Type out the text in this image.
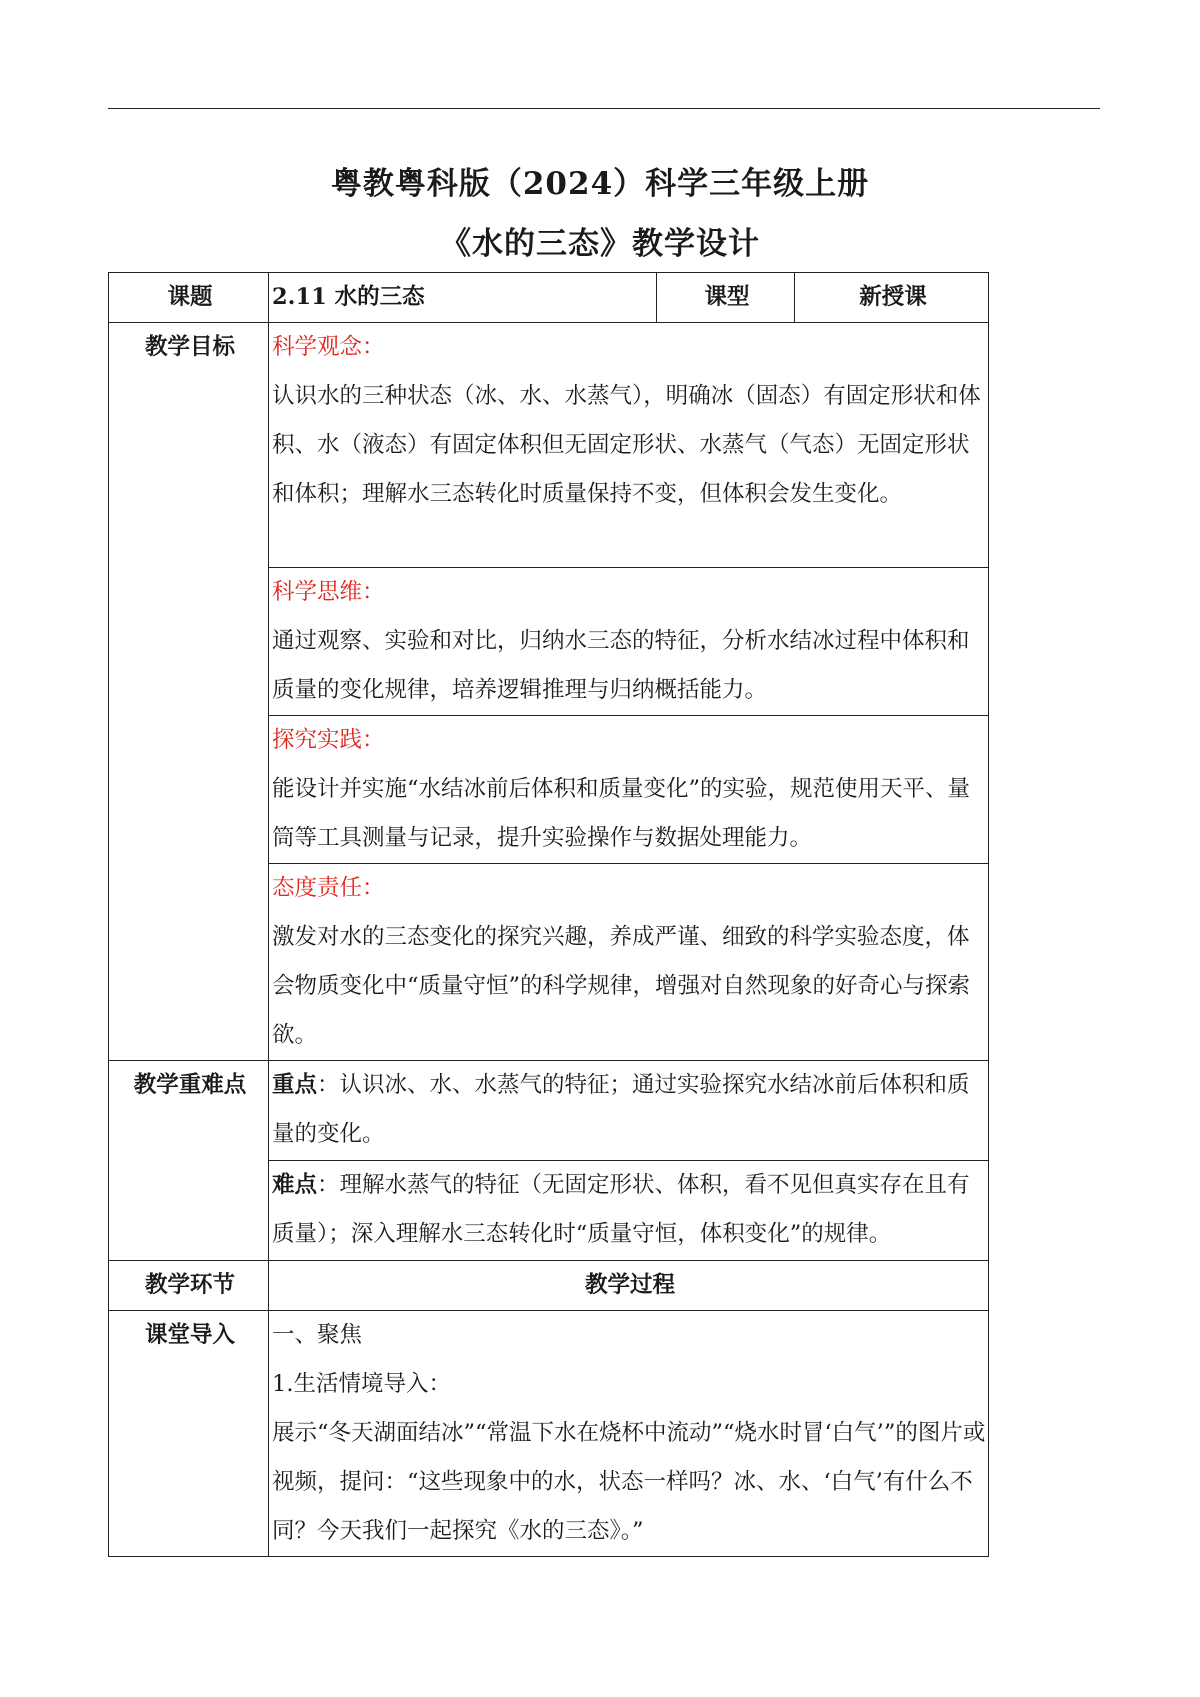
粤教粤科版（2024）科学三年级上册
《水的三态》教学设计
课题	2.11 水的三态	课型	新授课
教学目标	科学观念：
认识水的三种状态（冰、水、水蒸气），明确冰（固态）有固定形状和体积、水（液态）有固定体积但无固定形状、水蒸气（气态）无固定形状和体积；理解水三态转化时质量保持不变，但体积会发生变化。		

	科学思维：
通过观察、实验和对比，归纳水三态的特征，分析水结冰过程中体积和质量的变化规律，培养逻辑推理与归纳概括能力。		

	探究实践：
能设计并实施“水结冰前后体积和质量变化”的实验，规范使用天平、量筒等工具测量与记录，提升实验操作与数据处理能力。		

	态度责任：
激发对水的三态变化的探究兴趣，养成严谨、细致的科学实验态度，体会物质变化中“质量守恒”的科学规律，增强对自然现象的好奇心与探索欲。		

教学重难点	重点：认识冰、水、水蒸气的特征；通过实验探究水结冰前后体积和质量的变化。		
	难点：理解水蒸气的特征（无固定形状、体积，看不见但真实存在且有质量）；深入理解水三态转化时“质量守恒，体积变化”的规律。		
教学环节	教学过程		
课堂导入	一、聚焦
1.生活情境导入：
展示“冬天湖面结冰”“常温下水在烧杯中流动”“烧水时冒‘白气’”的图片或视频，提问：“这些现象中的水，状态一样吗？冰、水、‘白气’有什么不同？今天我们一起探究《水的三态》。”		
